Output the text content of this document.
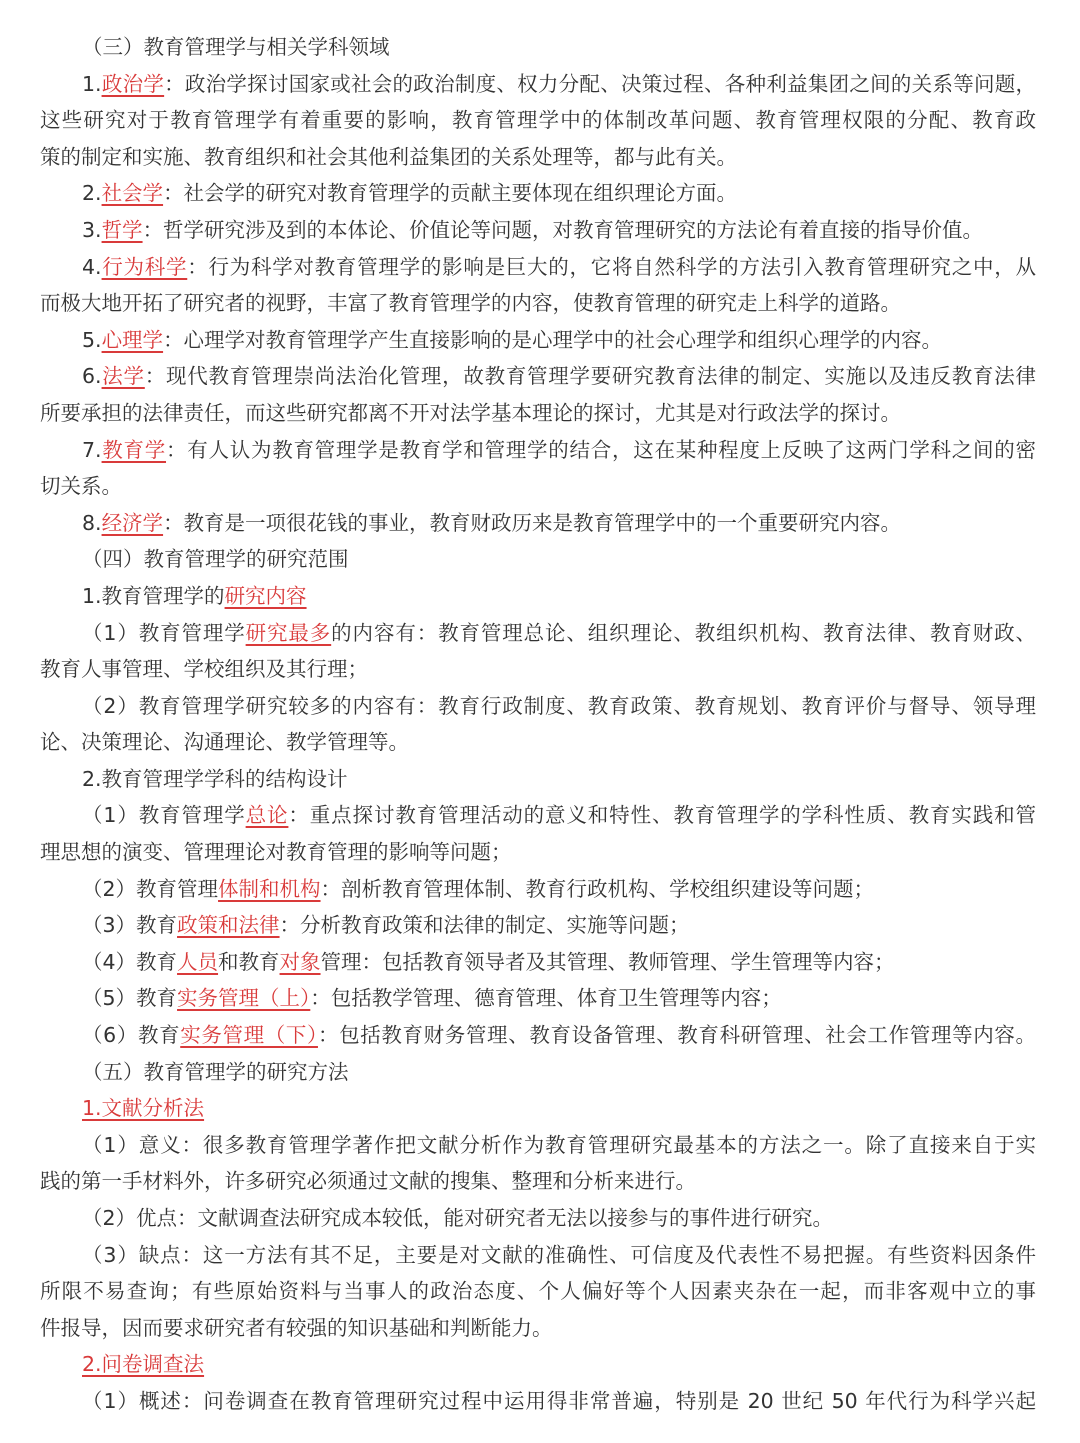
（三）教育管理学与相关学科领域
1.政治学：政治学探讨国家或社会的政治制度、权力分配、决策过程、各种利益集团之间的关系等问题，
这些研究对于教育管理学有着重要的影响，教育管理学中的体制改革问题、教育管理权限的分配、教育政
策的制定和实施、教育组织和社会其他利益集团的关系处理等，都与此有关。
2.社会学：社会学的研究对教育管理学的贡献主要体现在组织理论方面。
3.哲学：哲学研究涉及到的本体论、价值论等问题，对教育管理研究的方法论有着直接的指导价值。
4.行为科学：行为科学对教育管理学的影响是巨大的，它将自然科学的方法引入教育管理研究之中，从
而极大地开拓了研究者的视野，丰富了教育管理学的内容，使教育管理的研究走上科学的道路。
5.心理学：心理学对教育管理学产生直接影响的是心理学中的社会心理学和组织心理学的内容。
6.法学：现代教育管理崇尚法治化管理，故教育管理学要研究教育法律的制定、实施以及违反教育法律
所要承担的法律责任，而这些研究都离不开对法学基本理论的探讨，尤其是对行政法学的探讨。
7.教育学：有人认为教育管理学是教育学和管理学的结合，这在某种程度上反映了这两门学科之间的密
切关系。
8.经济学：教育是一项很花钱的事业，教育财政历来是教育管理学中的一个重要研究内容。
（四）教育管理学的研究范围
1.教育管理学的研究内容
（1）教育管理学研究最多的内容有：教育管理总论、组织理论、教组织机构、教育法律、教育财政、
教育人事管理、学校组织及其行理；
（2）教育管理学研究较多的内容有：教育行政制度、教育政策、教育规划、教育评价与督导、领导理
论、决策理论、沟通理论、教学管理等。
2.教育管理学学科的结构设计
（1）教育管理学总论：重点探讨教育管理活动的意义和特性、教育管理学的学科性质、教育实践和管
理思想的演变、管理理论对教育管理的影响等问题；
（2）教育管理体制和机构：剖析教育管理体制、教育行政机构、学校组织建设等问题；
（3）教育政策和法律：分析教育政策和法律的制定、实施等问题；
（4）教育人员和教育对象管理：包括教育领导者及其管理、教师管理、学生管理等内容；
（5）教育实务管理（上）：包括教学管理、德育管理、体育卫生管理等内容；
（6）教育实务管理（下）：包括教育财务管理、教育设备管理、教育科研管理、社会工作管理等内容。
（五）教育管理学的研究方法
1.文献分析法
（1）意义：很多教育管理学著作把文献分析作为教育管理研究最基本的方法之一。除了直接来自于实
践的第一手材料外，许多研究必须通过文献的搜集、整理和分析来进行。
（2）优点：文献调查法研究成本较低，能对研究者无法以接参与的事件进行研究。
（3）缺点：这一方法有其不足，主要是对文献的准确性、可信度及代表性不易把握。有些资料因条件
所限不易查询；有些原始资料与当事人的政治态度、个人偏好等个人因素夹杂在一起，而非客观中立的事
件报导，因而要求研究者有较强的知识基础和判断能力。
2.问卷调查法
（1）概述：问卷调查在教育管理研究过程中运用得非常普遍，特别是 20 世纪 50 年代行为科学兴起
